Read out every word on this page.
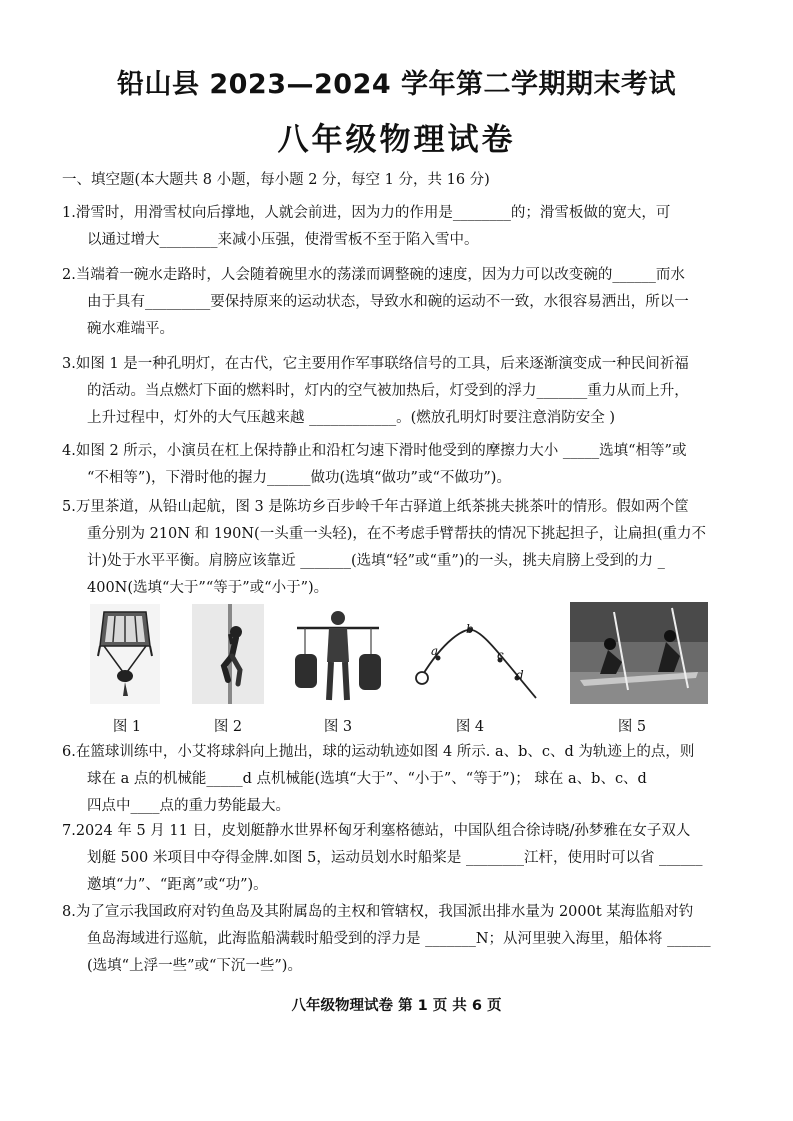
铅山县 2023—2024 学年第二学期期末考试
八年级物理试卷
一、填空题(本大题共 8 小题，每小题 2 分，每空 1 分，共 16 分)
1.滑雪时，用滑雪杖向后撑地，人就会前进，因为力的作用是________的；滑雪板做的宽大，可
以通过增大________来减小压强，使滑雪板不至于陷入雪中。
2.当端着一碗水走路时，人会随着碗里水的荡漾而调整碗的速度，因为力可以改变碗的______而水
由于具有_________要保持原来的运动状态，导致水和碗的运动不一致，水很容易洒出，所以一
碗水难端平。
3.如图 1 是一种孔明灯，在古代，它主要用作军事联络信号的工具，后来逐渐演变成一种民间祈福
的活动。当点燃灯下面的燃料时，灯内的空气被加热后，灯受到的浮力_______重力从而上升，
上升过程中，灯外的大气压越来越 ____________。(燃放孔明灯时要注意消防安全 )
4.如图 2 所示，小演员在杠上保持静止和沿杠匀速下滑时他受到的摩擦力大小 _____选填“相等”或
“不相等”)，下滑时他的握力______做功(选填“做功”或“不做功”)。
5.万里茶道，从铅山起航，图 3 是陈坊乡百步岭千年古驿道上纸茶挑夫挑茶叶的情形。假如两个筐
重分别为 210N 和 190N(一头重一头轻)，在不考虑手臂帮扶的情况下挑起担子，让扁担(重力不
计)处于水平平衡。肩膀应该靠近 _______(选填“轻”或“重”)的一头，挑夫肩膀上受到的力 _
400N(选填“大于”“等于”或“小于”)。
图 1	图 2	图 3
a
b
c
d
图 4	图 5
6.在篮球训练中，小艾将球斜向上抛出，球的运动轨迹如图 4 所示. a、b、c、d 为轨迹上的点，则
球在 a 点的机械能_____d 点机械能(选填“大于”、“小于”、“等于”)； 球在 a、b、c、d
四点中____点的重力势能最大。
7.2024 年 5 月 11 日，皮划艇静水世界杯匈牙利塞格德站，中国队组合徐诗晓/孙梦雅在女子双人
划艇 500 米项目中夺得金牌.如图 5，运动员划水时船桨是 ________江杆，使用时可以省 ______
邀填“力”、“距离”或“功”)。
8.为了宣示我国政府对钓鱼岛及其附属岛的主权和管辖权，我国派出排水量为 2000t 某海监船对钓
鱼岛海域进行巡航，此海监船满载时船受到的浮力是 _______N；从河里驶入海里，船体将 ______
(选填“上浮一些”或“下沉一些”)。
八年级物理试卷 第 1 页 共 6 页
